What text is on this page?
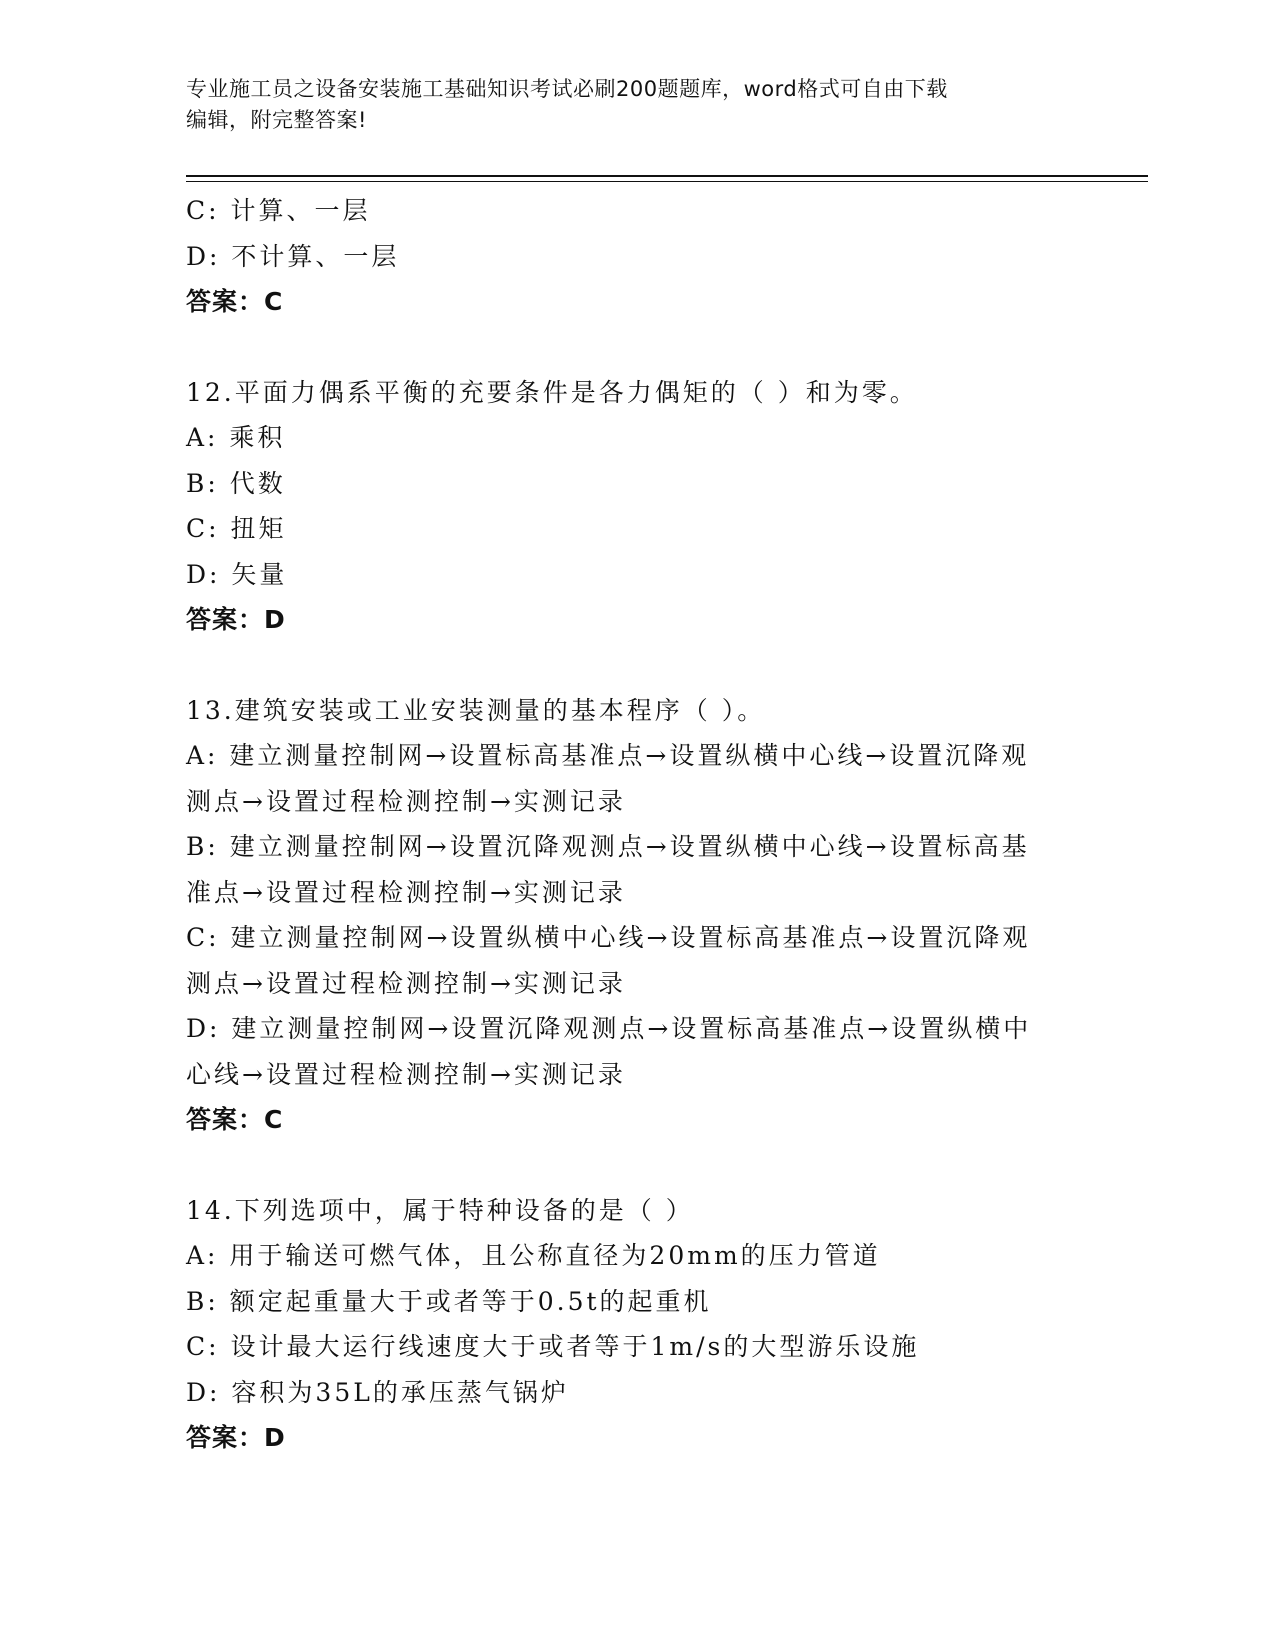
专业施工员之设备安装施工基础知识考试必刷200题题库，word格式可自由下载
编辑，附完整答案!
C: 计算、一层
D: 不计算、一层
答案：C
12.平面力偶系平衡的充要条件是各力偶矩的（ ）和为零。
A: 乘积
B: 代数
C: 扭矩
D: 矢量
答案：D
13.建筑安装或工业安装测量的基本程序（ ）。
A: 建立测量控制网→设置标高基准点→设置纵横中心线→设置沉降观
测点→设置过程检测控制→实测记录
B: 建立测量控制网→设置沉降观测点→设置纵横中心线→设置标高基
准点→设置过程检测控制→实测记录
C: 建立测量控制网→设置纵横中心线→设置标高基准点→设置沉降观
测点→设置过程检测控制→实测记录
D: 建立测量控制网→设置沉降观测点→设置标高基准点→设置纵横中
心线→设置过程检测控制→实测记录
答案：C
14.下列选项中，属于特种设备的是（ ）
A: 用于输送可燃气体，且公称直径为20mm的压力管道
B: 额定起重量大于或者等于0.5t的起重机
C: 设计最大运行线速度大于或者等于1m/s的大型游乐设施
D: 容积为35L的承压蒸气锅炉
答案：D
